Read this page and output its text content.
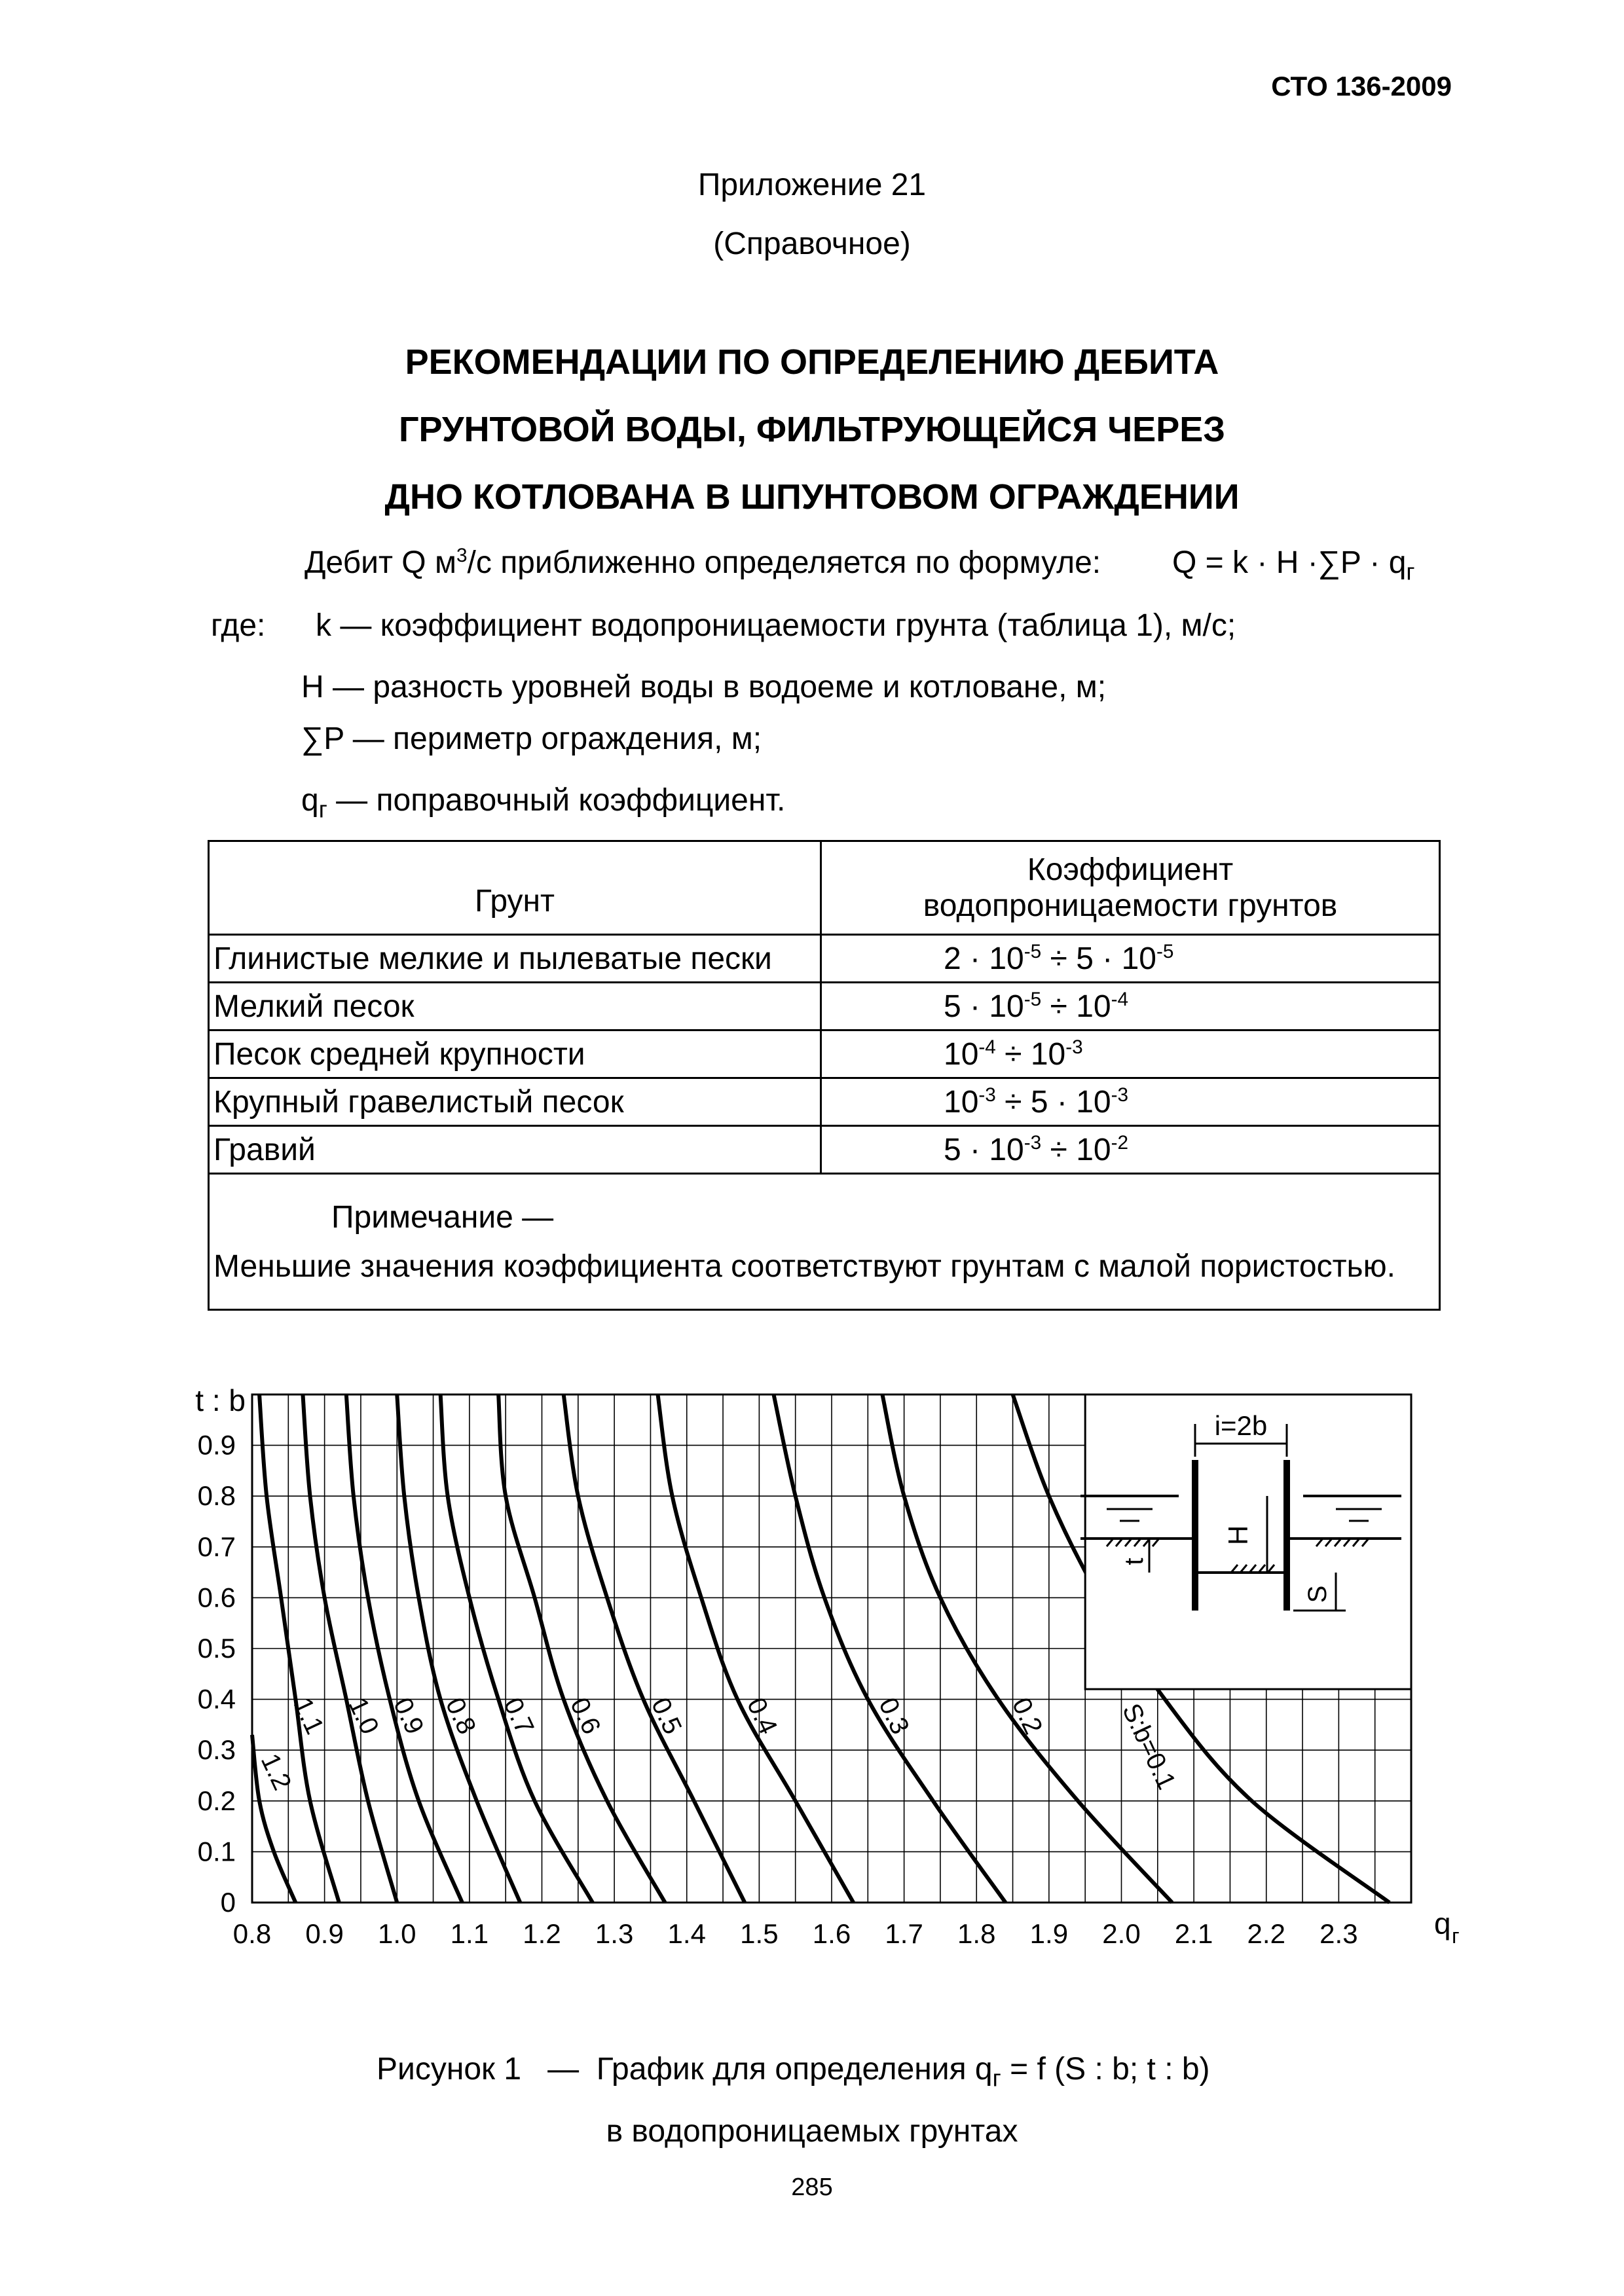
СТО 136-2009
Приложение 21
(Справочное)
РЕКОМЕНДАЦИИ ПО ОПРЕДЕЛЕНИЮ ДЕБИТА
ГРУНТОВОЙ ВОДЫ, ФИЛЬТРУЮЩЕЙСЯ ЧЕРЕЗ
ДНО КОТЛОВАНА В ШПУНТОВОМ ОГРАЖДЕНИИ
Дебит Q $м^3/с$ приближенно определяется по формуле: $Q = k \cdot H \cdot\sum P \cdot q_г$
где: k — коэффициент водопроницаемости грунта (таблица 1), м/с;
H — разность уровней воды в водоеме и котловане, м;
∑P — периметр ограждения, м;
$q_г$ — поправочный коэффициент.
Грунт	Коэффициент
водопроницаемости грунтов

Глинистые мелкие и пылеватые пески	$2 \cdot 10^{-5} \div 5 \cdot 10^{-5}$
Мелкий песок	$5 \cdot 10^{-5} \div 10^{-4}$
Песок средней крупности	$10^{-4} \div 10^{-3}$
Крупный гравелистый песок	$10^{-3} \div 5 \cdot 10^{-3}$
Гравий	$5 \cdot 10^{-3} \div 10^{-2}$

Примечание —
Меньшие значения коэффициента соответствуют грунтам с малой пористостью.	
1.2
1.1 1.0 0.9 0.8 0.7 0.6 0.5 0.4	0.3	0.2	S:b=0.1
0.8 0.9 1.0 1.1 1.2 1.3 1.4 1.5 1.6 1.7 1.8 1.9 2.0 2.1 2.2 2.3
0
0.1
0.2
0.3
0.4
0.5
0.6
0.7
0.8
0.9
t : b
q г
i=2b
H
t
S
Рисунок 1 — График для определения $q_г = f$ (S : b; t : b)
в водопроницаемых грунтах
285
